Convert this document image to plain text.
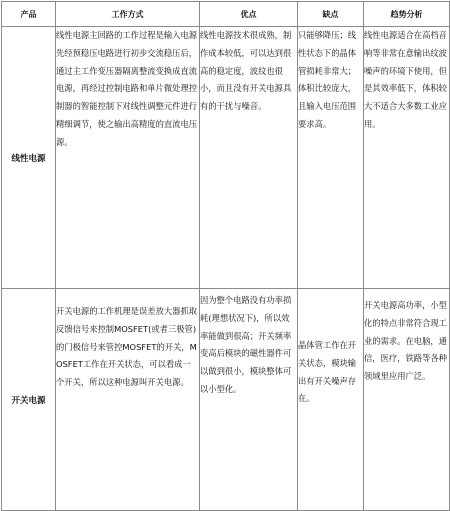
产品	工作方式	优点	缺点	趋势分析
线性电源	线性电源主回路的工作过程是输入电源先经预稳压电路进行初步交流稳压后，通过主工作变压器隔离整流变换成直流电源，再经过控制电路和单片微处理控制器的智能控制下对线性调整元件进行精细调节，使之输出高精度的直流电压源。	线性电源技术很成熟，制作成本较低，可以达到很高的稳定度，波纹也很小，而且没有开关电源具有的干扰与噪音。	只能够降压；线性状态下的晶体管损耗非常大；体积比较庞大，且输入电压范围要求高。	线性电源适合在高档音响等非常在意输出纹波噪声的环境下使用，但是其效率低下，体积较大不适合大多数工业应用。
开关电源	开关电源的工作机理是误差放大器抓取反馈信号来控制MOSFET(或者三极管)的门极信号来管控MOSFET的开关，MOSFET工作在开关状态，可以看成一个开关，所以这种电源叫开关电源。	因为整个电路没有功率损耗(理想状况下)，所以效率能做到很高；开关频率变高后模块的磁性器件可以做到很小，模块整体可以小型化。	晶体管工作在开关状态，模块输出有开关噪声存在。	开关电源高功率，小型化的特点非常符合现工业的需求。在电脑，通信，医疗，铁路等各种领域里应用广泛。
